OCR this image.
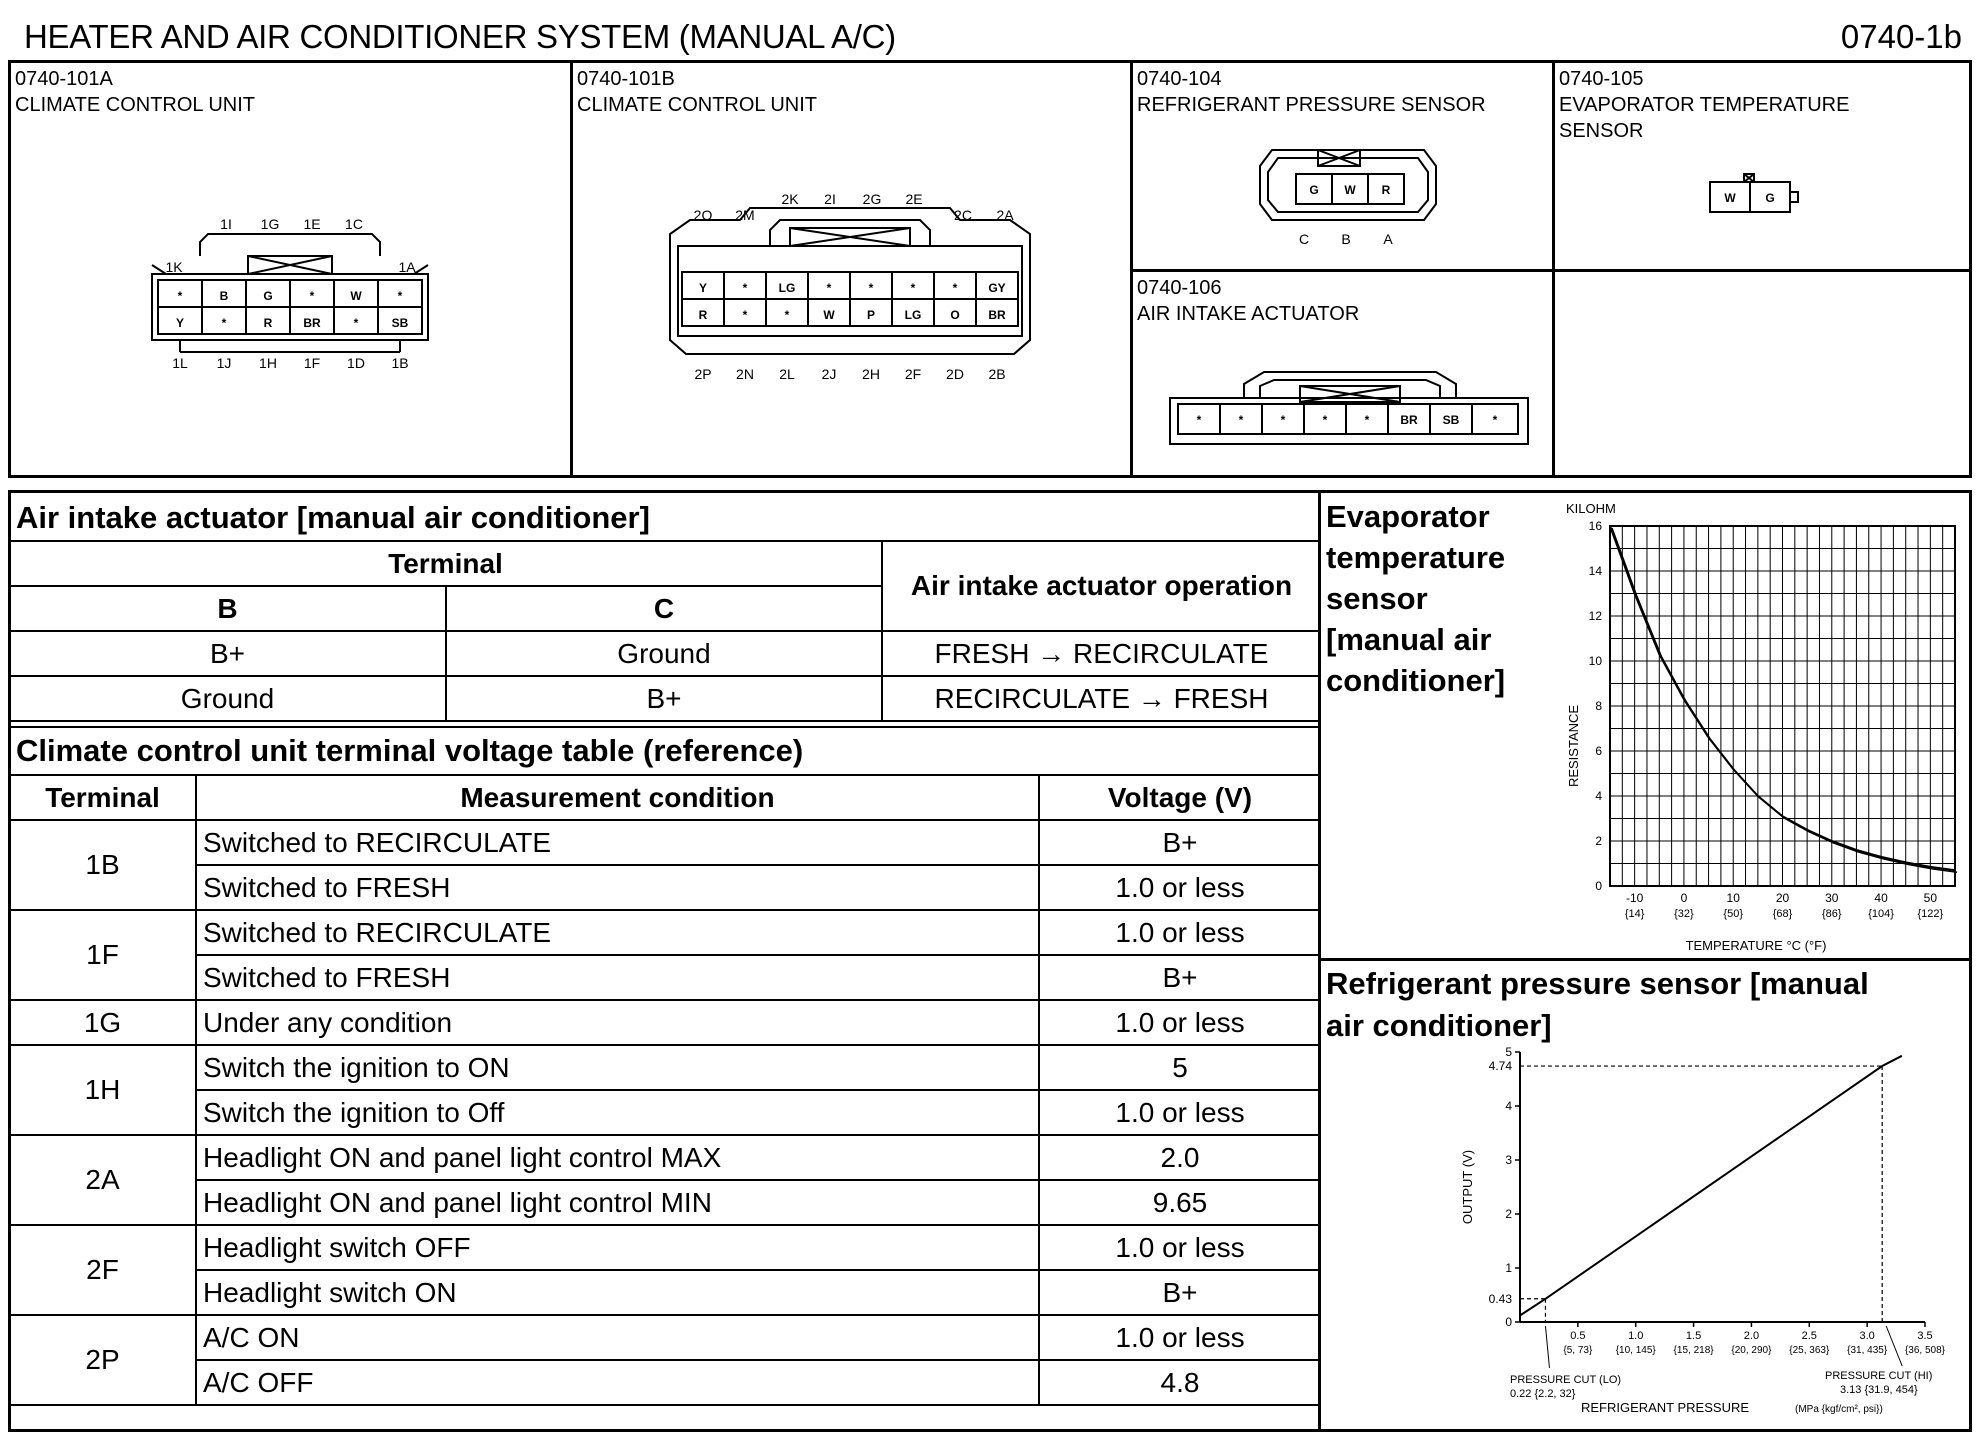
HEATER AND AIR CONDITIONER SYSTEM (MANUAL A/C)	0740-1b
0740-101A
CLIMATE CONTROL UNIT
0740-101B
CLIMATE CONTROL UNIT
0740-104
REFRIGERANT PRESSURE SENSOR
0740-105
EVAPORATOR TEMPERATURE
SENSOR
0740-106
AIR INTAKE ACTUATOR
*	B	G	*	W	*
Y	*	R	BR	*	SB
1I 1G 1E 1C
1K	1A
1L 1J 1H 1F 1D 1B
Y	*	LG	*	*	*	*	GY
R	*	*	W	P LG O BR
2K 2I 2G 2E
2O 2M	2C 2A
2P 2N 2L 2J 2H 2F 2D 2B
G W R
C B A
W G
*	*	*	*	*	BR SB	*
Air intake actuator [manual air conditioner]
Terminal		Air intake actuator operation
B	C	
B+	Ground	FRESH → RECIRCULATE
Ground	B+	RECIRCULATE → FRESH
Climate control unit terminal voltage table (reference)
Terminal	Measurement condition	Voltage (V)
1B	Switched to RECIRCULATE	B+
	Switched to FRESH	1.0 or less
1F	Switched to RECIRCULATE	1.0 or less
	Switched to FRESH	B+
1G	Under any condition	1.0 or less
1H	Switch the ignition to ON	5
	Switch the ignition to Off	1.0 or less
2A	Headlight ON and panel light control MAX	2.0
	Headlight ON and panel light control MIN	9.65
2F	Headlight switch OFF	1.0 or less
	Headlight switch ON	B+
2P	A/C ON	1.0 or less
	A/C OFF	4.8
Evaporator
temperature
sensor
[manual air
conditioner]
KILOHM
RESISTANCE
TEMPERATURE °C (°F)
0
2
4
6
8
10
12
14
16
-10
{14}
0
{32}
10
{50}
20
{68}
30
{86}
40
{104}
50
{122}
Refrigerant pressure sensor [manual
air conditioner]
OUTPUT (V)
REFRIGERANT PRESSURE	(MPa {kgf/cm², psi})
PRESSURE CUT (LO)
0.22 {2.2, 32}
PRESSURE CUT (HI)
3.13 {31.9, 454}
0
1
2
3
4
5
0.5
{5, 73}
1.0
{10, 145}
1.5
{15, 218}
2.0
{20, 290}
2.5
{25, 363}
3.0
{31, 435}
3.5
{36, 508}
4.74
0.43
